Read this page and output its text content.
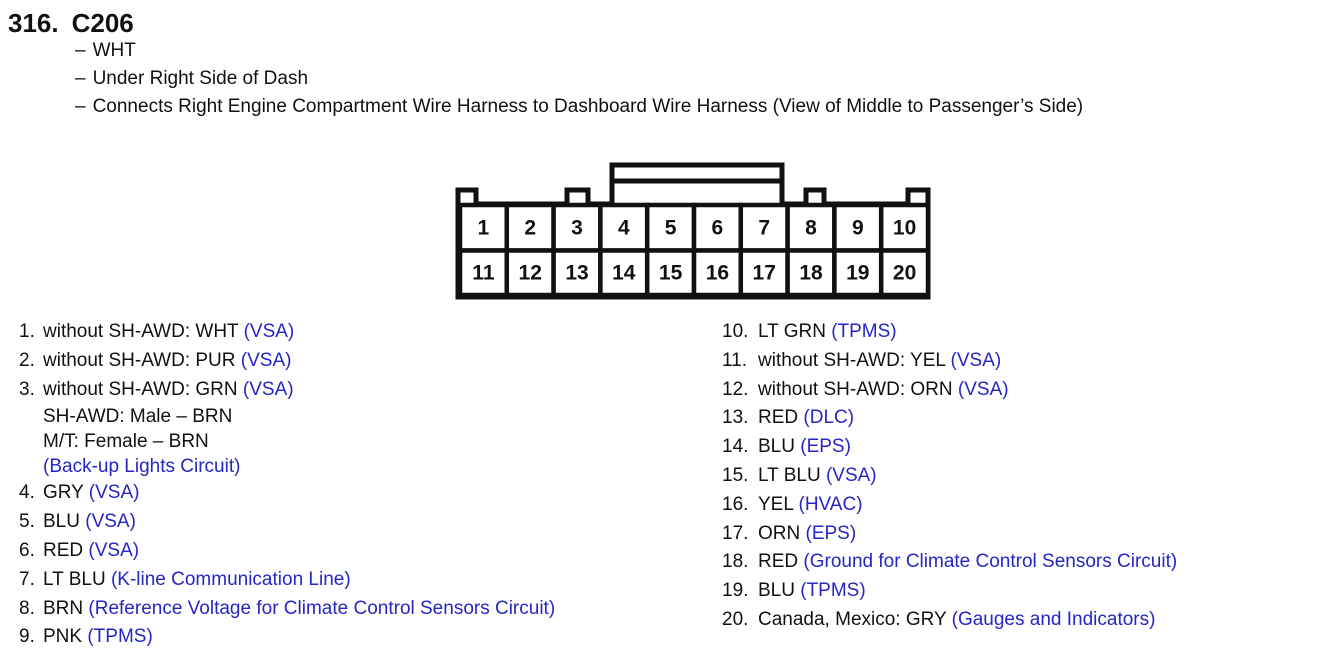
316. C206
– WHT
– Under Right Side of Dash
– Connects Right Engine Compartment Wire Harness to Dashboard Wire Harness (View of Middle to Passenger’s Side)
1 2 3 4 5 6 7 8 9 10
11 12 13 14 15 16 17 18 19 20
1. without SH-AWD: WHT (VSA)
2. without SH-AWD: PUR (VSA)
3. without SH-AWD: GRN (VSA)
SH-AWD: Male – BRN
M/T: Female – BRN
(Back-up Lights Circuit)
4. GRY (VSA)
5. BLU (VSA)
6. RED (VSA)
7. LT BLU (K-line Communication Line)
8. BRN (Reference Voltage for Climate Control Sensors Circuit)
9. PNK (TPMS)
10. LT GRN (TPMS)
11. without SH-AWD: YEL (VSA)
12. without SH-AWD: ORN (VSA)
13. RED (DLC)
14. BLU (EPS)
15. LT BLU (VSA)
16. YEL (HVAC)
17. ORN (EPS)
18. RED (Ground for Climate Control Sensors Circuit)
19. BLU (TPMS)
20. Canada, Mexico: GRY (Gauges and Indicators)
